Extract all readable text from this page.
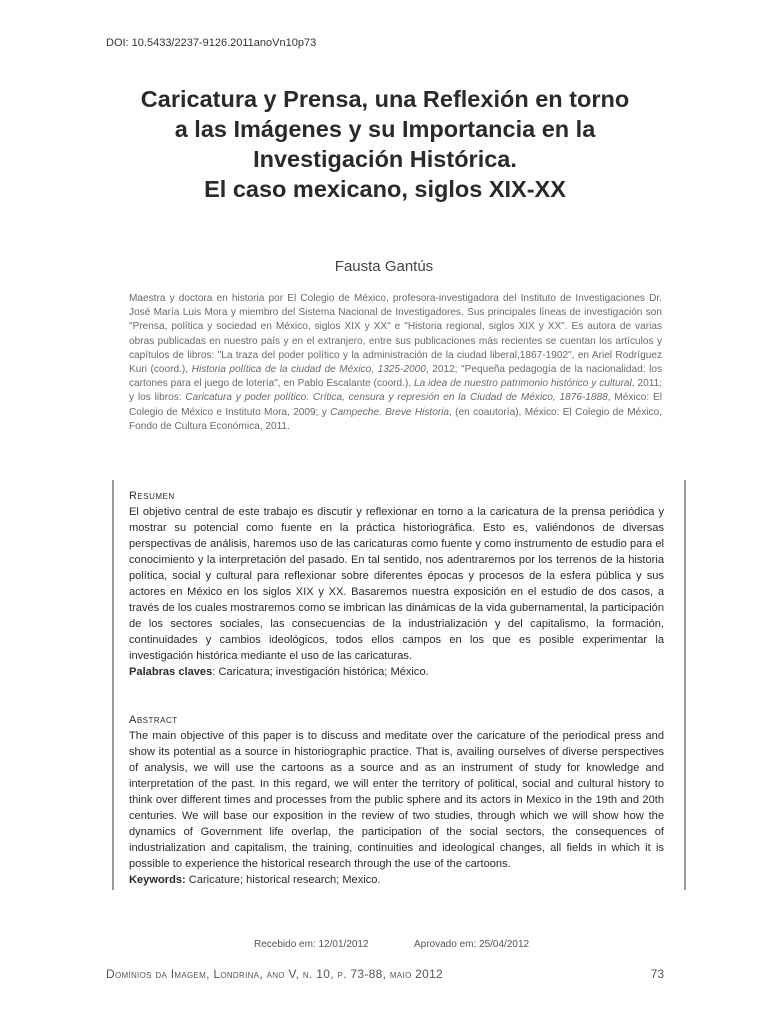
DOI: 10.5433/2237-9126.2011anoVn10p73
Caricatura y Prensa, una Reflexión en torno
a las Imágenes y su Importancia en la
Investigación Histórica.
El caso mexicano, siglos XIX-XX
Fausta Gantús
Maestra y doctora en historia por El Colegio de México, profesora-investigadora del Instituto de Investigaciones Dr. José María Luis Mora y miembro del Sistema Nacional de Investigadores. Sus principales líneas de investigación son "Prensa, política y sociedad en México, siglos XIX y XX" e "Historia regional, siglos XIX y XX". Es autora de varias obras publicadas en nuestro país y en el extranjero, entre sus publicaciones más recientes se cuentan los artículos y capítulos de libros: "La traza del poder político y la administración de la ciudad liberal,1867-1902", en Ariel Rodríguez Kuri (coord.), Historia política de la ciudad de México, 1325-2000, 2012; "Pequeña pedagogía de la nacionalidad: los cartones para el juego de lotería", en Pablo Escalante (coord.), La idea de nuestro patrimonio histórico y cultural, 2011; y los libros: Caricatura y poder político. Crítica, censura y represión en la Ciudad de México, 1876-1888, México: El Colegio de México e Instituto Mora, 2009; y Campeche. Breve Historia, (en coautoría), México: El Colegio de México, Fondo de Cultura Económica, 2011.
Resumen
El objetivo central de este trabajo es discutir y reflexionar en torno a la caricatura de la prensa periódica y mostrar su potencial como fuente en la práctica historiográfica. Esto es, valiéndonos de diversas perspectivas de análisis, haremos uso de las caricaturas como fuente y como instrumento de estudio para el conocimiento y la interpretación del pasado. En tal sentido, nos adentraremos por los terrenos de la historia política, social y cultural para reflexionar sobre diferentes épocas y procesos de la esfera pública y sus actores en México en los siglos XIX y XX. Basaremos nuestra exposición en el estudio de dos casos, a través de los cuales mostraremos como se imbrican las dinámicas de la vida gubernamental, la participación de los sectores sociales, las consecuencias de la industrialización y del capitalismo, la formación, continuidades y cambios ideológicos, todos ellos campos en los que es posible experimentar la investigación histórica mediante el uso de las caricaturas.
Palabras claves: Caricatura; investigación histórica; México.
Abstract
The main objective of this paper is to discuss and meditate over the caricature of the periodical press and show its potential as a source in historiographic practice. That is, availing ourselves of diverse perspectives of analysis, we will use the cartoons as a source and as an instrument of study for knowledge and interpretation of the past. In this regard, we will enter the territory of political, social and cultural history to think over different times and processes from the public sphere and its actors in Mexico in the 19th and 20th centuries. We will base our exposition in the review of two studies, through which we will show how the dynamics of Government life overlap, the participation of the social sectors, the consequences of industrialization and capitalism, the training, continuities and ideological changes, all fields in which it is possible to experience the historical research through the use of the cartoons.
Keywords: Caricature; historical research; Mexico.
Recebido em: 12/01/2012	Aprovado em: 25/04/2012
Domínios da Imagem, Londrina, ano V, n. 10, p. 73-88, maio 2012	73
